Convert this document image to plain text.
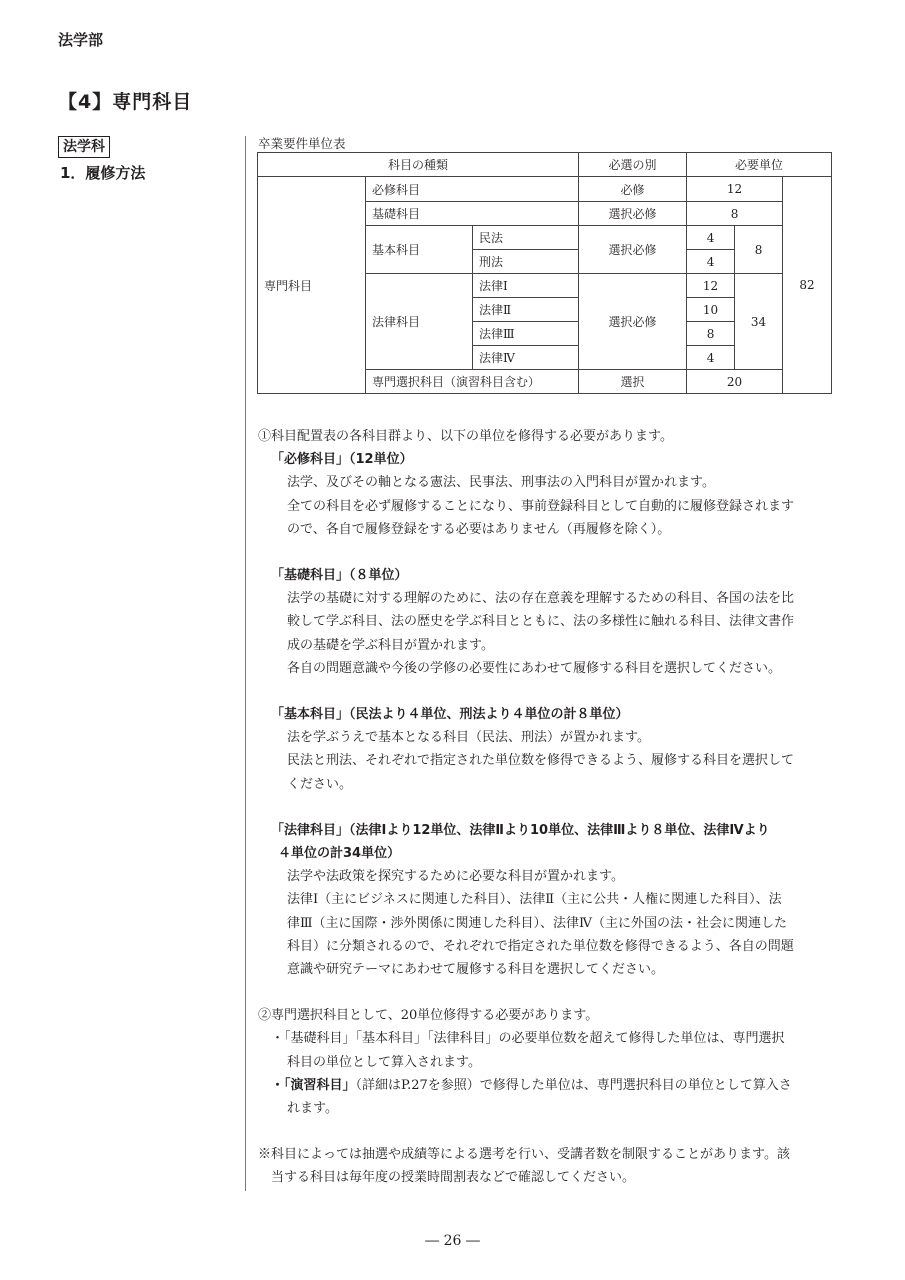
法学部
【4】専門科目
法学科
1．履修方法
卒業要件単位表
科目の種類			必選の別	必要単位		
専門科目	必修科目		必修	12		82
	基礎科目		選択必修	8		
	基本科目	民法	選択必修	4	8	
		刑法		4		
	法律科目	法律Ⅰ	選択必修	12	34	
		法律Ⅱ		10		
		法律Ⅲ		8		
		法律Ⅳ		4		
	専門選択科目（演習科目含む）		選択	20		

①科目配置表の各科目群より、以下の単位を修得する必要があります。

「必修科目」（12単位）

法学、及びその軸となる憲法、民事法、刑事法の入門科目が置かれます。

全ての科目を必ず履修することになり、事前登録科目として自動的に履修登録されます

ので、各自で履修登録をする必要はありません（再履修を除く）。

「基礎科目」（８単位）

法学の基礎に対する理解のために、法の存在意義を理解するための科目、各国の法を比

較して学ぶ科目、法の歴史を学ぶ科目とともに、法の多様性に触れる科目、法律文書作

成の基礎を学ぶ科目が置かれます。

各自の問題意識や今後の学修の必要性にあわせて履修する科目を選択してください。

「基本科目」（民法より４単位、刑法より４単位の計８単位）

法を学ぶうえで基本となる科目（民法、刑法）が置かれます。

民法と刑法、それぞれで指定された単位数を修得できるよう、履修する科目を選択して

ください。

「法律科目」（法律Ⅰより12単位、法律Ⅱより10単位、法律Ⅲより８単位、法律Ⅳより

４単位の計34単位）

法学や法政策を探究するために必要な科目が置かれます。

法律Ⅰ（主にビジネスに関連した科目）、法律Ⅱ（主に公共・人権に関連した科目）、法

律Ⅲ（主に国際・渉外関係に関連した科目）、法律Ⅳ（主に外国の法・社会に関連した

科目）に分類されるので、それぞれで指定された単位数を修得できるよう、各自の問題

意識や研究テーマにあわせて履修する科目を選択してください。

②専門選択科目として、20単位修得する必要があります。

・「基礎科目」「基本科目」「法律科目」の必要単位数を超えて修得した単位は、専門選択

科目の単位として算入されます。

・「演習科目」（詳細はP.27を参照）で修得した単位は、専門選択科目の単位として算入さ

れます。

※科目によっては抽選や成績等による選考を行い、受講者数を制限することがあります。該

当する科目は毎年度の授業時間割表などで確認してください。

― 26 ―
